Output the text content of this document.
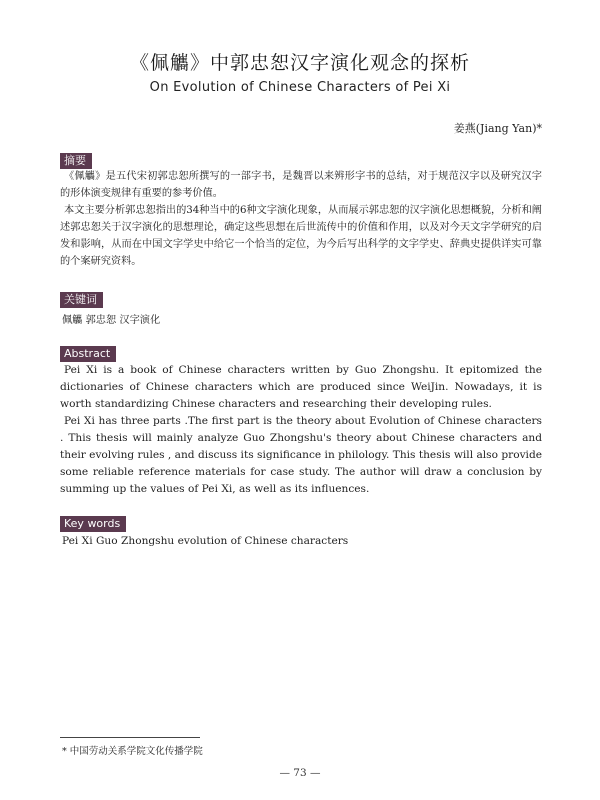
《佩觿》中郭忠恕汉字演化观念的探析
On Evolution of Chinese Characters of Pei Xi
姜燕(Jiang Yan)*
摘要

《佩觿》是五代宋初郭忠恕所撰写的一部字书，是魏晋以来辨形字书的总结，对于规范汉字以及研究汉字的形体演变规律有重要的参考价值。

本文主要分析郭忠恕指出的34种当中的6种文字演化现象，从而展示郭忠恕的汉字演化思想概貌，分析和阐述郭忠恕关于汉字演化的思想理论，确定这些思想在后世流传中的价值和作用，以及对今天文字学研究的启发和影响，从而在中国文字学史中给它一个恰当的定位，为今后写出科学的文字学史、辞典史提供详实可靠的个案研究资料。

关键词
佩觿 郭忠恕 汉字演化
Abstract

Pei Xi is a book of Chinese characters written by Guo Zhongshu. It epitomized the dictionaries of Chinese characters which are produced since WeiJin. Nowadays, it is worth standardizing Chinese characters and researching their developing rules.

Pei Xi has three parts .The first part is the theory about Evolution of Chinese characters . This thesis will mainly analyze Guo Zhongshu's theory about Chinese characters and their evolving rules , and discuss its significance in philology. This thesis will also provide some reliable reference materials for case study. The author will draw a conclusion by summing up the values of Pei Xi, as well as its influences.

Key words
Pei Xi Guo Zhongshu evolution of Chinese characters
* 中国劳动关系学院文化传播学院
— 73 —
